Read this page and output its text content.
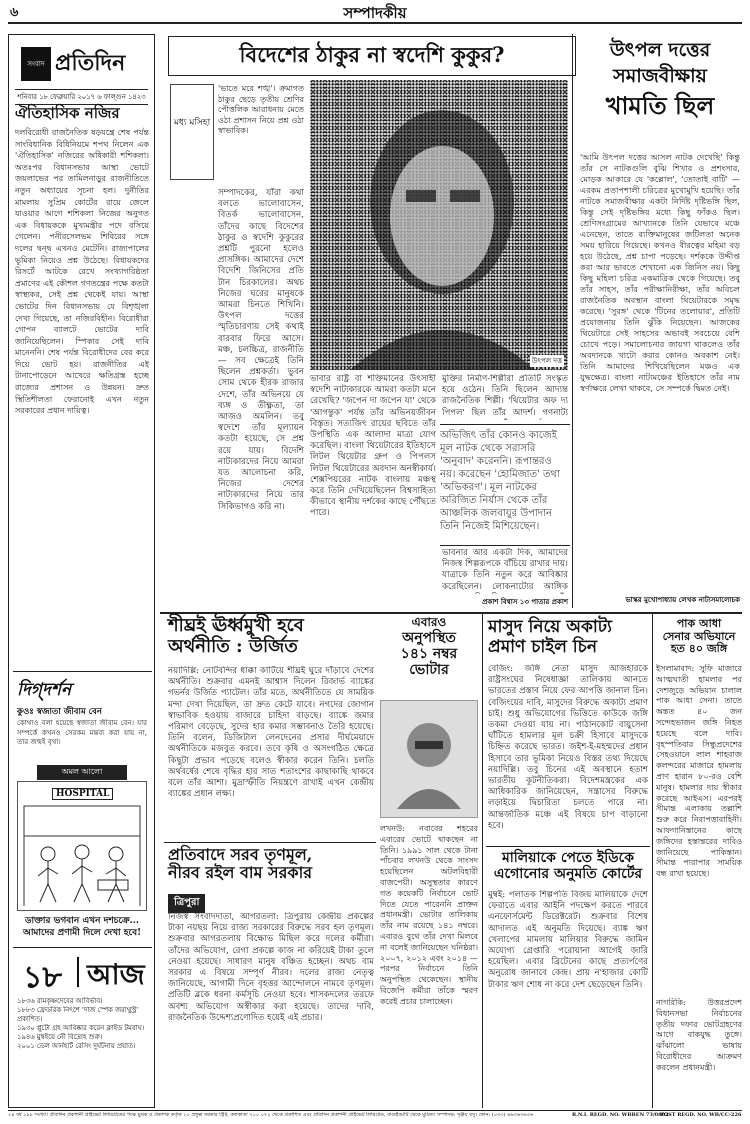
৬	সম্পাদকীয়
সংবাদ প্রতিদিন
শনিবার ১৮ ফেব্রুয়ারি ২০১৭ ৬ ফাল্গুন ১৪২৩
ঐতিহাসিক নজির
দলবিরোধী রাজনৈতিক ষড়যন্ত্রে শেষ পর্যন্ত সাংবিধানিক বিধিনিয়মে শপথ নিলেন এক 'ঐতিহাসিক' নজিরের অধিকারী শশিকলা। অতঃপর বিধানসভার আস্থা ভোটে জয়লাভের পর তামিলনাড়ুর রাজনীতিতে নতুন অধ্যায়ের সূচনা হল। দুর্নীতির মামলায় সুপ্রিম কোর্টের রায়ে জেলে যাওয়ার আগে শশিকলা নিজের অনুগত এক বিধায়ককে মুখ্যমন্ত্রীর পদে বসিয়ে গেলেন। পনীরসেলভম শিবিরের সঙ্গে দলের দ্বন্দ্ব এখনও মেটেনি। রাজ্যপালের ভূমিকা নিয়েও প্রশ্ন উঠেছে। বিধায়কদের রিসর্টে আটকে রেখে সংখ্যাগরিষ্ঠতা প্রমাণের এই কৌশল গণতন্ত্রের পক্ষে কতটা স্বাস্থ্যকর, সেই প্রশ্ন থেকেই যায়। আস্থা ভোটের দিন বিধানসভায় যে বিশৃঙ্খলা দেখা গিয়েছে, তা নজিরবিহীন। বিরোধীরা গোপন ব্যালটে ভোটের দাবি জানিয়েছিলেন। স্পিকার সেই দাবি মানেননি। শেষ পর্যন্ত বিরোধীদের বের করে দিয়ে ভোট হয়। রাজনীতির এই টানাপোড়েনে আখেরে ক্ষতিগ্রস্ত হচ্ছে রাজ্যের প্রশাসন ও উন্নয়ন। দ্রুত স্থিতিশীলতা ফেরানোই এখন নতুন সরকারের প্রধান দায়িত্ব।
দিগ্‌দর্শন
কুওঃ স্বজাতা জীবাম বেন
কোথাও বলা হয়েছে স্বজাতা জীবাম বেন। যার সম্পর্কে কখনও সেরকম মন্তব্য করা যায় না, তার জন্মই বৃথা।
অমল আলো
HOSPITAL
ডাক্তার ভগবান এখন দশচক্রে... আমাদের প্রণামী দিলে দেখা হবে!
১৮ আজ
১৮৩৬ রামকৃষ্ণদেবের আবির্ভাব।
১৮৮৩ ফ্রেডরিক নিৎশে 'দাজ স্পেক জরাথুস্ট্র' প্রকাশিত।
১৯৩০ প্লুটো গ্রহ আবিষ্কার করেন ক্লাইড টমবাঘ।
১৯৪৬ মুম্বইয়ে নৌ বিদ্রোহ শুরু।
২০০১ ডেল আর্নহার্ট রেসিং দুর্ঘটনায় প্রয়াত।
বিদেশের ঠাকুর না স্বদেশি কুকুর?
মধ্য মসিহা
'ভাতে মরে শঙ্খ'। ক্রমাগত ঠাকুর ছেড়ে তৃতীয় শ্রেণির পৌত্তলিক আরাধনায় মেতে ওঠা প্রশাসন নিয়ে প্রশ্ন ওঠা স্বাভাবিক।
উৎপল দত্ত
সম্পাদকের, যাঁরা কথা বলতে ভালোবাসেন, বিতর্ক ভালোবাসেন, তাঁদের কাছে বিদেশের ঠাকুর ও স্বদেশি কুকুরের প্রশ্নটি পুরনো হলেও প্রাসঙ্গিক। আমাদের দেশে বিদেশি জিনিসের প্রতি টান চিরকালের। অথচ নিজের ঘরের মানুষকে আমরা চিনতে শিখিনি। উৎপল দত্তের স্মৃতিচারণায় সেই কথাই বারবার ফিরে আসে। মঞ্চ, চলচ্চিত্র, রাজনীতি — সব ক্ষেত্রেই তিনি ছিলেন প্রশ্নকর্তা। ভুবন সোম থেকে হীরক রাজার দেশে, তাঁর অভিনয়ে যে ব্যঙ্গ ও তীক্ষ্ণতা, তা আজও অমলিন। তবু স্বদেশে তাঁর মূল্যায়ন কতটা হয়েছে, সে প্রশ্ন রয়ে যায়। বিদেশি নাট্যকারদের নিয়ে আমরা যত আলোচনা করি, নিজের দেশের নাট্যকারদের নিয়ে তার সিকিভাগও করি না।
ভাবার রাষ্ট্র বা শক্তিমানের উৎসাহী স্বদেশি নাট্যকারকে আমরা কতটা মনে রেখেছি? 'জপেন দা জপেন যা' থেকে 'আগন্তুক' পর্যন্ত তাঁর অভিনয়জীবন বিস্তৃত। সত্যজিৎ রায়ের ছবিতে তাঁর উপস্থিতি এক আলাদা মাত্রা যোগ করেছিল। বাংলা থিয়েটারের ইতিহাসে লিটল থিয়েটার গ্রুপ ও পিপলস লিটল থিয়েটারের অবদান অনস্বীকার্য। শেক্সপিয়রের নাটক বাংলায় মঞ্চস্থ করে তিনি দেখিয়েছিলেন বিশ্বসাহিত্য কীভাবে স্থানীয় দর্শকের কাছে পৌঁছতে পারে।
মুক্তির নির্মাণ-শিল্পীরা প্রতিটি সংস্কৃত হয়ে ওঠেন। তিনি ছিলেন আদ্যন্ত রাজনৈতিক শিল্পী। 'থিয়েটার অফ দ্য পিপল' ছিল তাঁর আদর্শ। গণনাট্য
অভিজিৎ তাঁর কোনও কাজেই মূল নাটক থেকে সরাসরি 'অনুবাদ' করেননি। রূপান্তরও নয়। করেছেন 'হোমিজাত' তথা 'অভিকরণ'। মূল নাটকের অরিজিত নির্যাস থেকে তাঁর আঞ্চলিক জলবায়ুর উপাদান তিনি নিজেই মিশিয়েছেন।
ভাবনার আর একটা দিক, আমাদের নিজস্ব শিল্পরূপকে বাঁচিয়ে রাখার দায়। যাত্রাকে তিনি নতুন করে আবিষ্কার করেছিলেন। লোকনাট্যের আঙ্গিক
প্রকাশ বিশ্বাস ১৩ পাতার প্রকাশ
উৎপল দত্তের
সমাজবীক্ষায়
খামতি ছিল
'আমি উৎপল দত্তের আসল নাটক দেখেছি' কিন্তু তাঁর সে নাটকগুলি বুঝি শিখার ও প্রশংসার, মোড়ক আকারে যে 'কল্লোল', 'তোতাই বাটি' — এরকম প্রতাপশালী চরিত্রের মুখোমুখি হয়েছি। তাঁর নাটকে সমাজবীক্ষার একটা নির্দিষ্ট দৃষ্টিভঙ্গি ছিল, কিন্তু সেই দৃষ্টিভঙ্গির মধ্যে কিছু ফাঁকও ছিল। শ্রেণিসংগ্রামের আখ্যানকে তিনি যেভাবে মঞ্চে এনেছেন, তাতে ব্যক্তিমানুষের জটিলতা অনেক সময় হারিয়ে গিয়েছে। কখনও বীরত্বের মহিমা বড় হয়ে উঠেছে, প্রশ্ন চাপা পড়েছে। দর্শককে উদ্দীপ্ত করা আর ভাবতে শেখানো এক জিনিস নয়। কিছু কিছু মহিলা চরিত্র একমাত্রিক থেকে গিয়েছে। তবু তাঁর সাহস, তাঁর পরীক্ষানিরীক্ষা, তাঁর অবিচল রাজনৈতিক অবস্থান বাংলা থিয়েটারকে সমৃদ্ধ করেছে। 'সুরঙ্গ' থেকে 'টিনের তলোয়ার', প্রতিটি প্রযোজনায় তিনি ঝুঁকি নিয়েছেন। আজকের থিয়েটারে সেই সাহসের অভাবই সবচেয়ে বেশি চোখে পড়ে। সমালোচনার জায়গা থাকলেও তাঁর অবদানকে খাটো করার কোনও অবকাশ নেই। তিনি আমাদের শিখিয়েছিলেন মঞ্চও এক যুদ্ধক্ষেত্র। বাংলা নাট্যমঞ্চের ইতিহাসে তাঁর নাম স্বর্ণাক্ষরে লেখা থাকবে, সে সম্পর্কে দ্বিমত নেই।
ভাস্কর মুখোপাধ্যায় লেখক নাট্যসমালোচক
শীঘ্রই ঊর্ধ্বমুখী হবে
অর্থনীতি : উর্জিত
নয়াদিল্লি: নোটবন্দির ধাক্কা কাটিয়ে শীঘ্রই ঘুরে দাঁড়াবে দেশের অর্থনীতি। শুক্রবার এমনই আশ্বাস দিলেন রিজার্ভ ব্যাঙ্কের গভর্নর উর্জিত প্যাটেল। তাঁর মতে, অর্থনীতিতে যে সাময়িক মন্দা দেখা দিয়েছিল, তা দ্রুত কেটে যাবে। নগদের জোগান স্বাভাবিক হওয়ায় বাজারে চাহিদা বাড়ছে। ব্যাঙ্কে জমার পরিমাণ বেড়েছে, সুদের হার কমার সম্ভাবনাও তৈরি হয়েছে। তিনি বলেন, ডিজিটাল লেনদেনের প্রসার দীর্ঘমেয়াদে অর্থনীতিকে মজবুত করবে। তবে কৃষি ও অসংগঠিত ক্ষেত্রে কিছুটা প্রভাব পড়েছে বলেও স্বীকার করেন তিনি। চলতি অর্থবর্ষের শেষে বৃদ্ধির হার সাত শতাংশের কাছাকাছি থাকবে বলে তাঁর আশা। মুদ্রাস্ফীতি নিয়ন্ত্রণে রাখাই এখন কেন্দ্রীয় ব্যাঙ্কের প্রধান লক্ষ্য।
প্রতিবাদে সরব তৃণমূল,
নীরব রইল বাম সরকার
ত্রিপুরা
নিজস্ব সংবাদদাতা, আগরতলা: ত্রিপুরায় কেন্দ্রীয় প্রকল্পের টাকা নয়ছয় নিয়ে রাজ্য সরকারের বিরুদ্ধে সরব হল তৃণমূল। শুক্রবার আগরতলায় বিক্ষোভ মিছিল করে দলের কর্মীরা। তাঁদের অভিযোগ, রেগা প্রকল্পে কাজ না করিয়েই টাকা তুলে নেওয়া হয়েছে। সাধারণ মানুষ বঞ্চিত হচ্ছেন। অথচ বাম সরকার এ বিষয়ে সম্পূর্ণ নীরব। দলের রাজ্য নেতৃত্ব জানিয়েছে, আগামী দিনে বৃহত্তর আন্দোলনে নামবে তৃণমূল। প্রতিটি ব্লকে ধরনা কর্মসূচি নেওয়া হবে। শাসকদলের তরফে অবশ্য অভিযোগ অস্বীকার করা হয়েছে। তাদের দাবি, রাজনৈতিক উদ্দেশ্যপ্রণোদিত হয়েই এই প্রচার।
এবারও
অনুপস্থিত
১৪১ নম্বর
ভোটার
লখনউ: নবাবের শহরের এবারের ভোটে থাকছেন না তিনি। ১৯৯১ সাল থেকে টানা পাঁচবার লখনউ থেকে সাংসদ হয়েছিলেন অটলবিহারী বাজপেয়ী। অসুস্থতার কারণে গত কয়েকটি নির্বাচনে ভোট দিতে যেতে পারেননি প্রাক্তন প্রধানমন্ত্রী। ভোটার তালিকায় তাঁর নাম রয়েছে ১৪১ নম্বরে। এবারও বুথে তাঁর দেখা মিলবে না বলেই জানিয়েছেন ঘনিষ্ঠরা। ২০০৭, ২০১২ এবং ২০১৪ — পরপর নির্বাচনে তিনি অনুপস্থিত থেকেছেন। স্থানীয় বিজেপি কর্মীরা তাঁকে স্মরণ করেই প্রচার চালাচ্ছেন।
মাসুদ নিয়ে অকাট্য
প্রমাণ চাইল চিন
বেজিং: জঙ্গি নেতা মাসুদ আজহারকে রাষ্ট্রসংঘের নিষেধাজ্ঞা তালিকায় আনতে ভারতের প্রস্তাব নিয়ে ফের আপত্তি জানাল চিন। বেজিংয়ের দাবি, মাসুদের বিরুদ্ধে অকাট্য প্রমাণ চাই। শুধু অভিযোগের ভিত্তিতে কাউকে জঙ্গি তকমা দেওয়া যায় না। পাঠানকোট বায়ুসেনা ঘাঁটিতে হামলার মূল চক্রী হিসাবে মাসুদকে চিহ্নিত করেছে ভারত। জইশ-ই-মহম্মদের প্রধান হিসাবে তার ভূমিকা নিয়েও বিস্তর তথ্য দিয়েছে নয়াদিল্লি। তবু চিনের এই অবস্থানে হতাশ ভারতীয় কূটনীতিকরা। বিদেশমন্ত্রকের এক আধিকারিক জানিয়েছেন, সন্ত্রাসের বিরুদ্ধে লড়াইয়ে দ্বিচারিতা চলতে পারে না। আন্তর্জাতিক মঞ্চে এই বিষয়ে চাপ বাড়ানো হবে।
মালিয়াকে পেতে ইডিকে
এগোনোর অনুমতি কোর্টের
মুম্বই: পলাতক শিল্পপতি বিজয় মালিয়াকে দেশে ফেরাতে এবার আইনি পদক্ষেপ করতে পারবে এনফোর্সমেন্ট ডিরেক্টরেট। শুক্রবার বিশেষ আদালত এই অনুমতি দিয়েছে। ব্যাঙ্ক ঋণ খেলাপের মামলায় মালিয়ার বিরুদ্ধে জামিন অযোগ্য গ্রেপ্তারি পরোয়ানা আগেই জারি হয়েছিল। এবার ব্রিটেনের কাছে প্রত্যর্পণের অনুরোধ জানাবে কেন্দ্র। প্রায় ন'হাজার কোটি টাকার ঋণ শোধ না করে দেশ ছেড়েছেন তিনি।
পাক আধা
সেনার অভিযানে
হত ৪০ জঙ্গি
ইসলামাবাদ: সুফি মাজারে আত্মঘাতী হামলার পর দেশজুড়ে অভিযান চালাল পাক আধা সেনা। তাতে অন্তত ৪০ জন সন্দেহভাজন জঙ্গি নিহত হয়েছে বলে দাবি। বৃহস্পতিবার সিন্ধুপ্রদেশের সেহওয়ানে লাল শাহবাজ কলন্দরের মাজারে হামলায় প্রাণ হারান ৮০-রও বেশি মানুষ। হামলার দায় স্বীকার করেছে আইএস। এরপরই সীমান্ত এলাকায় তল্লাশি শুরু করে নিরাপত্তাবাহিনী। আফগানিস্তানের কাছে জঙ্গিদের হস্তান্তরের দাবিও জানিয়েছে পাকিস্তান। সীমান্ত পারাপার সাময়িক বন্ধ রাখা হয়েছে।
নাগরিকি: উত্তরপ্রদেশ বিধানসভা নির্বাচনের তৃতীয় দফার ভোটগ্রহণের আগে বাকযুদ্ধ তুঙ্গে। ঝাঁঝালো ভাষায় বিরোধীদের আক্রমণ করলেন প্রধানমন্ত্রী।
২৪ বর্ষ ১৮৮ সংখ্যা। প্রতিদিন প্রকাশনী প্রাইভেট লিমিটেডের পক্ষে মুদ্রক ও প্রকাশক কর্তৃক ২০ প্রফুল্ল সরকার স্ট্রিট, কলকাতা ৭০০ ০৭২ থেকে প্রকাশিত এবং প্রতিদিন প্রকাশনী প্রাইভেট লিমিটেড, বাগুইআটি থেকে মুদ্রিত। সম্পাদক: সৃঞ্জয় বসু। ফোন: (০৩৩) ৬৬৩৬৩৬৩৬	R.N.I. REGD. NO. WBBEN 73/0802
POST REGD. NO. WB/CC-226
